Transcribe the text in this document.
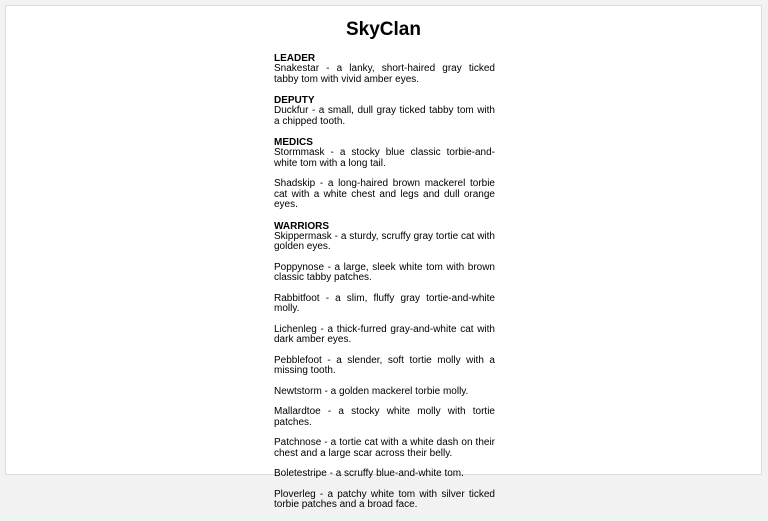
SkyClan
LEADER
Snakestar - a lanky, short-haired gray ticked tabby tom with vivid amber eyes.
DEPUTY
Duckfur - a small, dull gray ticked tabby tom with a chipped tooth.
MEDICS
Stormmask - a stocky blue classic torbie-and-white tom with a long tail.
Shadskip - a long-haired brown mackerel torbie cat with a white chest and legs and dull orange eyes.
WARRIORS
Skippermask - a sturdy, scruffy gray tortie cat with golden eyes.
Poppynose - a large, sleek white tom with brown classic tabby patches.
Rabbitfoot - a slim, fluffy gray tortie-and-white molly.
Lichenleg - a thick-furred gray-and-white cat with dark amber eyes.
Pebblefoot - a slender, soft tortie molly with a missing tooth.
Newtstorm - a golden mackerel torbie molly.
Mallardtoe - a stocky white molly with tortie patches.
Patchnose - a tortie cat with a white dash on their chest and a large scar across their belly.
Boletestripe - a scruffy blue-and-white tom.
Ploverleg - a patchy white tom with silver ticked torbie patches and a broad face.
